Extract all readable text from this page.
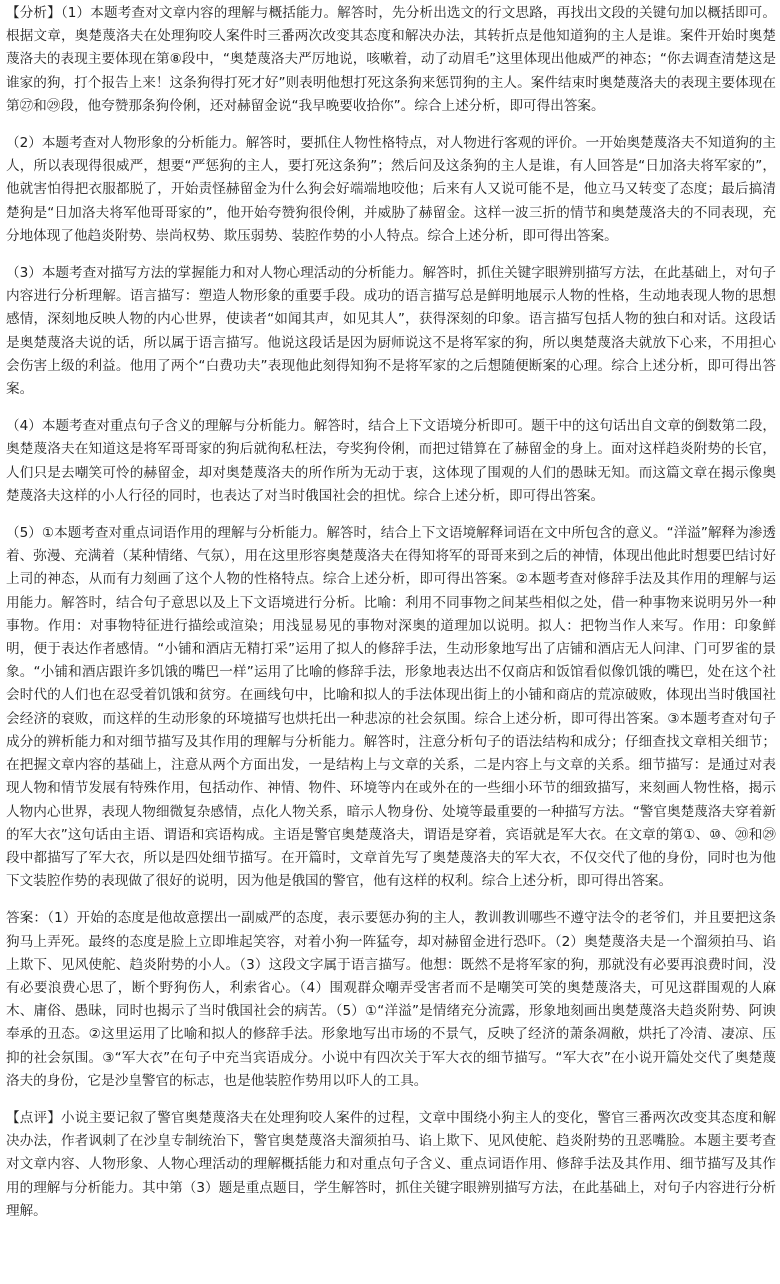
【分析】（1）本题考查对文章内容的理解与概括能力。解答时，先分析出选文的行文思路，再找出文段的关键句加以概括即可。根据文章，奥楚蔑洛夫在处理狗咬人案件时三番两次改变其态度和解决办法，其转折点是他知道狗的主人是谁。案件开始时奥楚蔑洛夫的表现主要体现在第⑧段中，“奥楚蔑洛夫严厉地说，咳嗽着，动了动眉毛”这里体现出他威严的神态；“你去调查清楚这是谁家的狗，打个报告上来！这条狗得打死才好”则表明他想打死这条狗来惩罚狗的主人。案件结束时奥楚蔑洛夫的表现主要体现在第㉗和㉙段，他夸赞那条狗伶俐，还对赫留金说“我早晚要收拾你”。综合上述分析，即可得出答案。

（2）本题考查对人物形象的分析能力。解答时，要抓住人物性格特点，对人物进行客观的评价。一开始奥楚蔑洛夫不知道狗的主人，所以表现得很威严，想要“严惩狗的主人，要打死这条狗”；然后问及这条狗的主人是谁，有人回答是“日加洛夫将军家的”，他就害怕得把衣服都脱了，开始责怪赫留金为什么狗会好端端地咬他；后来有人又说可能不是，他立马又转变了态度；最后搞清楚狗是“日加洛夫将军他哥哥家的”，他开始夸赞狗很伶俐，并威胁了赫留金。这样一波三折的情节和奥楚蔑洛夫的不同表现，充分地体现了他趋炎附势、崇尚权势、欺压弱势、装腔作势的小人特点。综合上述分析，即可得出答案。

（3）本题考查对描写方法的掌握能力和对人物心理活动的分析能力。解答时，抓住关键字眼辨别描写方法，在此基础上，对句子内容进行分析理解。语言描写：塑造人物形象的重要手段。成功的语言描写总是鲜明地展示人物的性格，生动地表现人物的思想感情，深刻地反映人物的内心世界，使读者“如闻其声，如见其人”，获得深刻的印象。语言描写包括人物的独白和对话。这段话是奥楚蔑洛夫说的话，所以属于语言描写。他说这段话是因为厨师说这不是将军家的狗，所以奥楚蔑洛夫就放下心来，不用担心会伤害上级的利益。他用了两个“白费功夫”表现他此刻得知狗不是将军家的之后想随便断案的心理。综合上述分析，即可得出答案。

（4）本题考查对重点句子含义的理解与分析能力。解答时，结合上下文语境分析即可。题干中的这句话出自文章的倒数第二段，奥楚蔑洛夫在知道这是将军哥哥家的狗后就徇私枉法，夸奖狗伶俐，而把过错算在了赫留金的身上。面对这样趋炎附势的长官，人们只是去嘲笑可怜的赫留金，却对奥楚蔑洛夫的所作所为无动于衷，这体现了围观的人们的愚昧无知。而这篇文章在揭示像奥楚蔑洛夫这样的小人行径的同时，也表达了对当时俄国社会的担忧。综合上述分析，即可得出答案。

（5）①本题考查对重点词语作用的理解与分析能力。解答时，结合上下文语境解释词语在文中所包含的意义。“洋溢”解释为渗透着、弥漫、充满着（某种情绪、气氛），用在这里形容奥楚蔑洛夫在得知将军的哥哥来到之后的神情，体现出他此时想要巴结讨好上司的神态，从而有力刻画了这个人物的性格特点。综合上述分析，即可得出答案。②本题考查对修辞手法及其作用的理解与运用能力。解答时，结合句子意思以及上下文语境进行分析。比喻：利用不同事物之间某些相似之处，借一种事物来说明另外一种事物。作用：对事物特征进行描绘或渲染；用浅显易见的事物对深奥的道理加以说明。拟人：把物当作人来写。作用：印象鲜明，便于表达作者感情。“小铺和酒店无精打采”运用了拟人的修辞手法，生动形象地写出了店铺和酒店无人问津、门可罗雀的景象。“小铺和酒店跟许多饥饿的嘴巴一样”运用了比喻的修辞手法，形象地表达出不仅商店和饭馆看似像饥饿的嘴巴，处在这个社会时代的人们也在忍受着饥饿和贫穷。在画线句中，比喻和拟人的手法体现出街上的小铺和商店的荒凉破败，体现出当时俄国社会经济的衰败，而这样的生动形象的环境描写也烘托出一种悲凉的社会氛围。综合上述分析，即可得出答案。③本题考查对句子成分的辨析能力和对细节描写及其作用的理解与分析能力。解答时，注意分析句子的语法结构和成分；仔细查找文章相关细节；在把握文章内容的基础上，注意从两个方面出发，一是结构上与文章的关系，二是内容上与文章的关系。细节描写：是通过对表现人物和情节发展有特殊作用，包括动作、神情、物件、环境等内在或外在的一些细小环节的细致描写，来刻画人物性格，揭示人物内心世界，表现人物细微复杂感情，点化人物关系，暗示人物身份、处境等最重要的一种描写方法。“警官奥楚蔑洛夫穿着新的军大衣”这句话由主语、谓语和宾语构成。主语是警官奥楚蔑洛夫，谓语是穿着，宾语就是军大衣。在文章的第①、⑩、⑳和㉙段中都描写了军大衣，所以是四处细节描写。在开篇时，文章首先写了奥楚蔑洛夫的军大衣，不仅交代了他的身份，同时也为他下文装腔作势的表现做了很好的说明，因为他是俄国的警官，他有这样的权利。综合上述分析，即可得出答案。

答案：（1）开始的态度是他故意摆出一副威严的态度，表示要惩办狗的主人，教训教训哪些不遵守法令的老爷们，并且要把这条狗马上弄死。最终的态度是脸上立即堆起笑容，对着小狗一阵猛夸，却对赫留金进行恐吓。（2）奥楚蔑洛夫是一个溜须拍马、谄上欺下、见风使舵、趋炎附势的小人。（3）这段文字属于语言描写。他想：既然不是将军家的狗，那就没有必要再浪费时间，没有必要浪费心思了，断个野狗伤人，利索省心。（4）围观群众嘲弄受害者而不是嘲笑可笑的奥楚蔑洛夫，可见这群围观的人麻木、庸俗、愚昧，同时也揭示了当时俄国社会的病苦。（5）①“洋溢”是情绪充分流露，形象地刻画出奥楚蔑洛夫趋炎附势、阿谀奉承的丑态。②这里运用了比喻和拟人的修辞手法。形象地写出市场的不景气，反映了经济的萧条凋敝，烘托了冷清、凄凉、压抑的社会氛围。③“军大衣”在句子中充当宾语成分。小说中有四次关于军大衣的细节描写。“军大衣”在小说开篇处交代了奥楚蔑洛夫的身份，它是沙皇警官的标志，也是他装腔作势用以吓人的工具。

【点评】小说主要记叙了警官奥楚蔑洛夫在处理狗咬人案件的过程，文章中围绕小狗主人的变化，警官三番两次改变其态度和解决办法，作者讽刺了在沙皇专制统治下，警官奥楚蔑洛夫溜须拍马、谄上欺下、见风使舵、趋炎附势的丑恶嘴脸。本题主要考查对文章内容、人物形象、人物心理活动的理解概括能力和对重点句子含义、重点词语作用、修辞手法及其作用、细节描写及其作用的理解与分析能力。其中第（3）题是重点题目，学生解答时，抓住关键字眼辨别描写方法，在此基础上，对句子内容进行分析理解。
